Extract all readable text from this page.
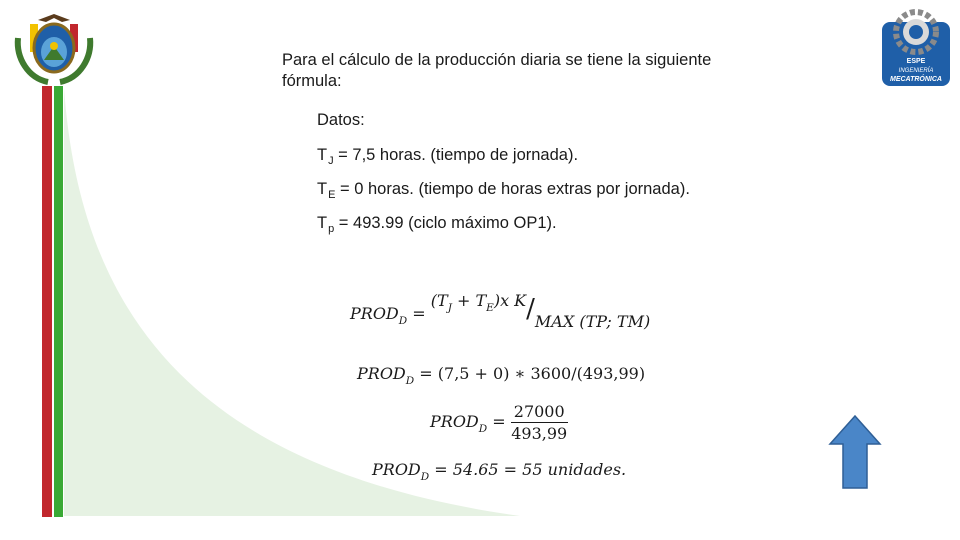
ESPE
INGENIERÍA
MECATRÓNICA

Para el cálculo de la producción diaria se tiene la siguiente fórmula:

Datos:
$T_J = 7,5$ horas. (tiempo de jornada).
$T_E = 0$ horas. (tiempo de horas extras por jornada).
$T_p = 493.99$ (ciclo máximo OP1).
$PROD_D = (T_J + T_E)x$ K/MAX (TP; TM)
$PROD_D = (7,5 + 0)$ ∗ 3600/(493,99)
$PROD_D = \frac{27000}{493,99}$
$PROD_D = 54.65 = 55$ unidades.
